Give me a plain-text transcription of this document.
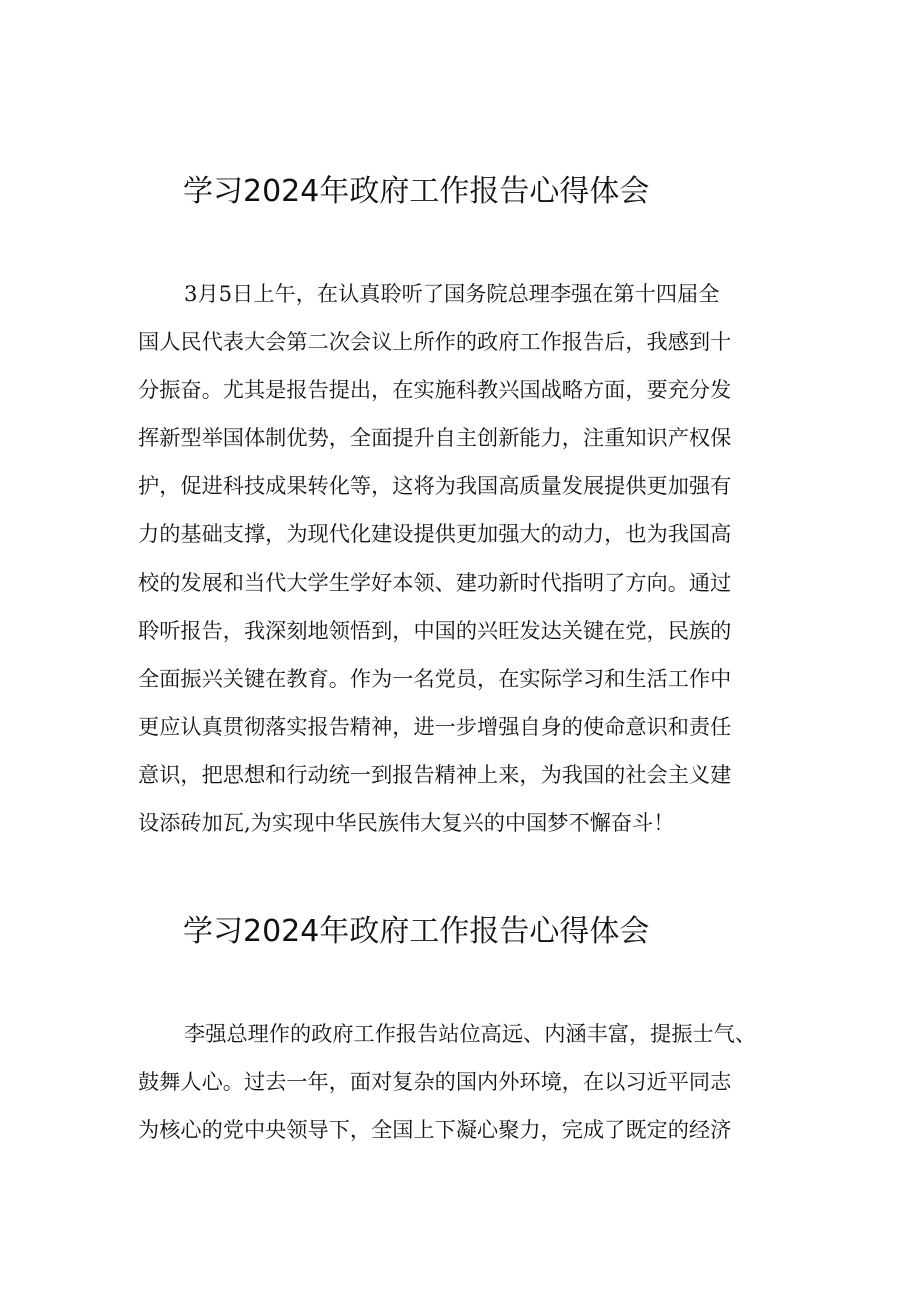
学习2024年政府工作报告心得体会
3月5日上午，在认真聆听了国务院总理李强在第十四届全
国人民代表大会第二次会议上所作的政府工作报告后，我感到十
分振奋。尤其是报告提出，在实施科教兴国战略方面，要充分发
挥新型举国体制优势，全面提升自主创新能力，注重知识产权保
护，促进科技成果转化等，这将为我国高质量发展提供更加强有
力的基础支撑，为现代化建设提供更加强大的动力，也为我国高
校的发展和当代大学生学好本领、建功新时代指明了方向。通过
聆听报告，我深刻地领悟到，中国的兴旺发达关键在党，民族的
全面振兴关键在教育。作为一名党员，在实际学习和生活工作中
更应认真贯彻落实报告精神，进一步增强自身的使命意识和责任
意识，把思想和行动统一到报告精神上来，为我国的社会主义建
设添砖加瓦,为实现中华民族伟大复兴的中国梦不懈奋斗！
学习2024年政府工作报告心得体会
李强总理作的政府工作报告站位高远、内涵丰富，提振士气、
鼓舞人心。过去一年，面对复杂的国内外环境，在以习近平同志
为核心的党中央领导下，全国上下凝心聚力，完成了既定的经济
